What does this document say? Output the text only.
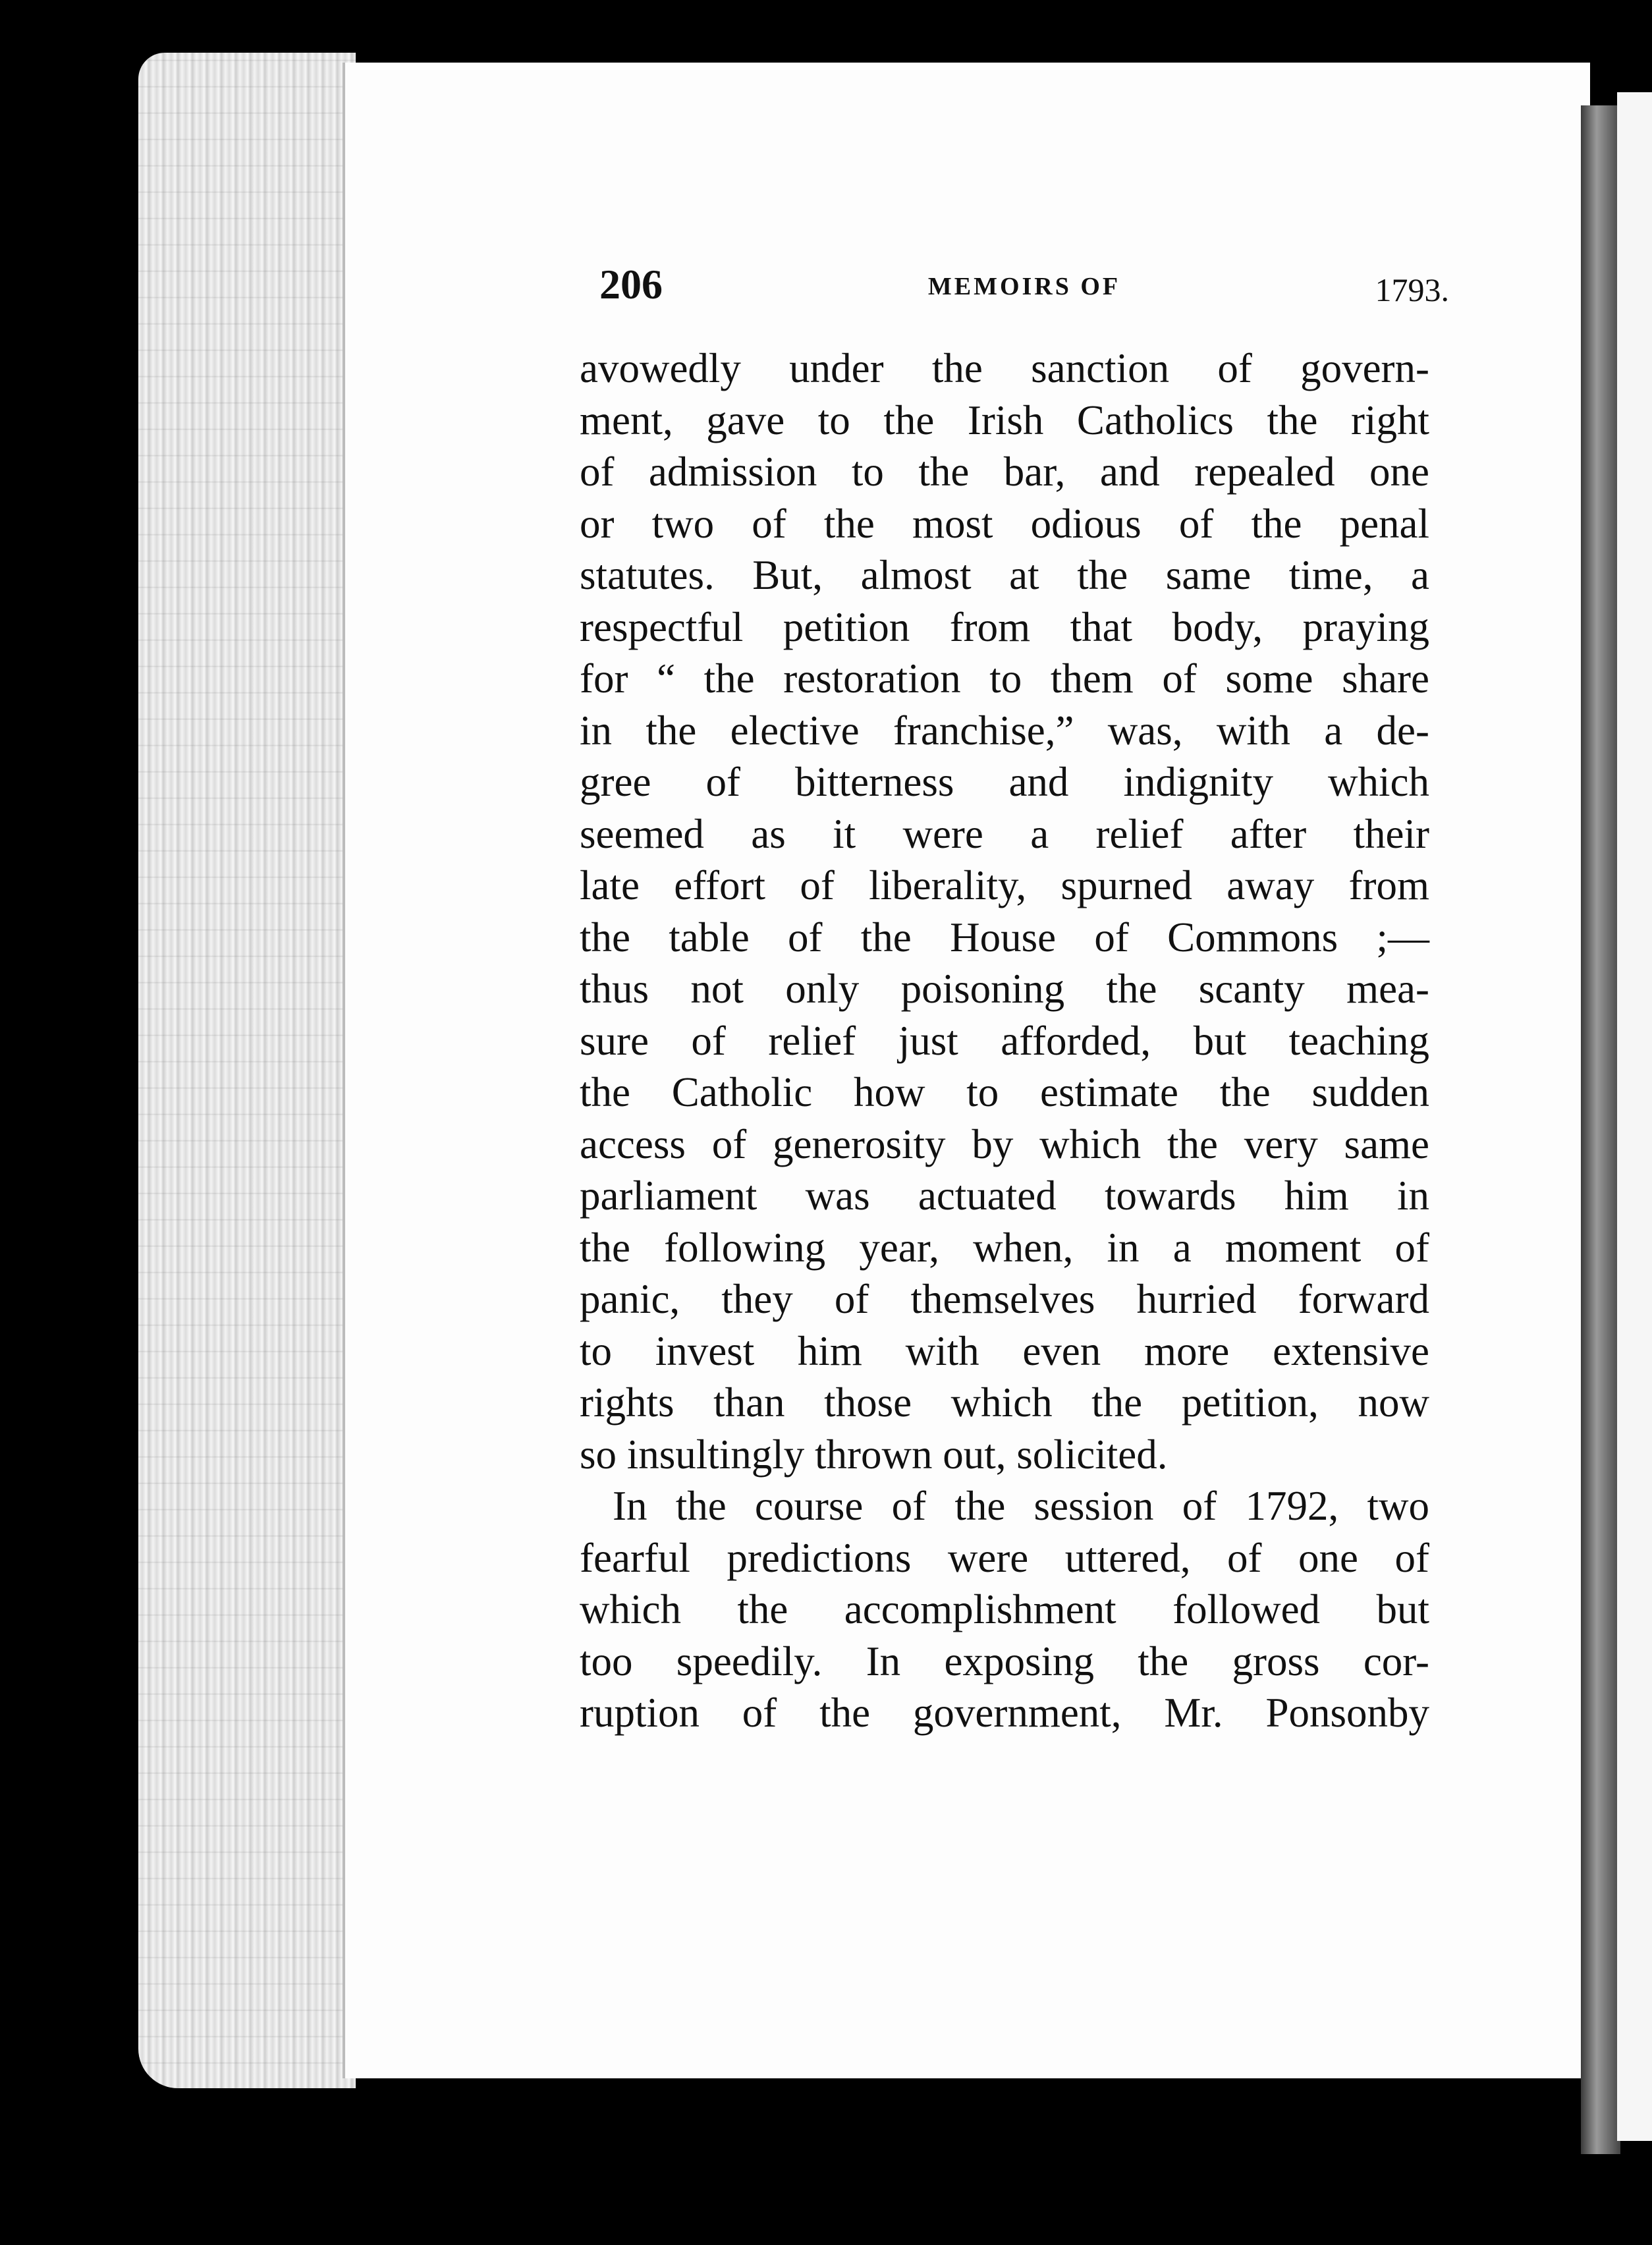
206	MEMOIRS OF	1793.
avowedly under the sanction of govern-
ment, gave to the Irish Catholics the right
of admission to the bar, and repealed one
or two of the most odious of the penal
statutes. But, almost at the same time, a
respectful petition from that body, praying
for “ the restoration to them of some share
in the elective franchise,” was, with a de-
gree of bitterness and indignity which
seemed as it were a relief after their
late effort of liberality, spurned away from
the table of the House of Commons ;—
thus not only poisoning the scanty mea-
sure of relief just afforded, but teaching
the Catholic how to estimate the sudden
access of generosity by which the very same
parliament was actuated towards him in
the following year, when, in a moment of
panic, they of themselves hurried forward
to invest him with even more extensive
rights than those which the petition, now
so insultingly thrown out, solicited.
In the course of the session of 1792, two
fearful predictions were uttered, of one of
which the accomplishment followed but
too speedily. In exposing the gross cor-
ruption of the government, Mr. Ponsonby
